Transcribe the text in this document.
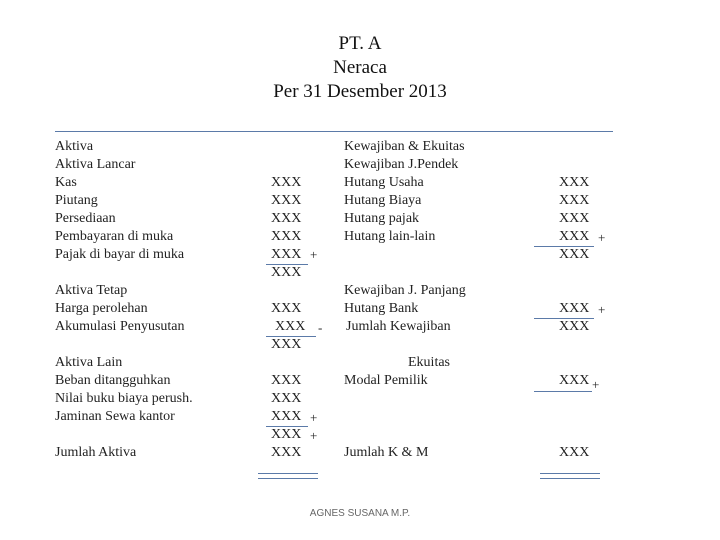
PT. A
Neraca
Per 31 Desember 2013
Aktiva
Aktiva Lancar
Kas
Piutang
Persediaan
Pembayaran di muka
Pajak di bayar di muka
Aktiva Tetap
Harga perolehan
Akumulasi Penyusutan
Aktiva Lain
Beban ditangguhkan
Nilai buku biaya perush.
Jaminan Sewa kantor
Jumlah Aktiva
XXX
XXX
XXX
XXX
XXX +
XXX
XXX
XXX -
XXX
XXX
XXX
XXX +
XXX +
XXX
Kewajiban & Ekuitas
Kewajiban J.Pendek
Hutang Usaha
Hutang Biaya
Hutang pajak
Hutang lain-lain
Kewajiban J. Panjang
Hutang Bank
Jumlah Kewajiban
Ekuitas
Modal Pemilik
Jumlah K & M
XXX
XXX
XXX
XXX +
XXX
XXX +
XXX
XXX +
XXX
AGNES SUSANA M.P.
